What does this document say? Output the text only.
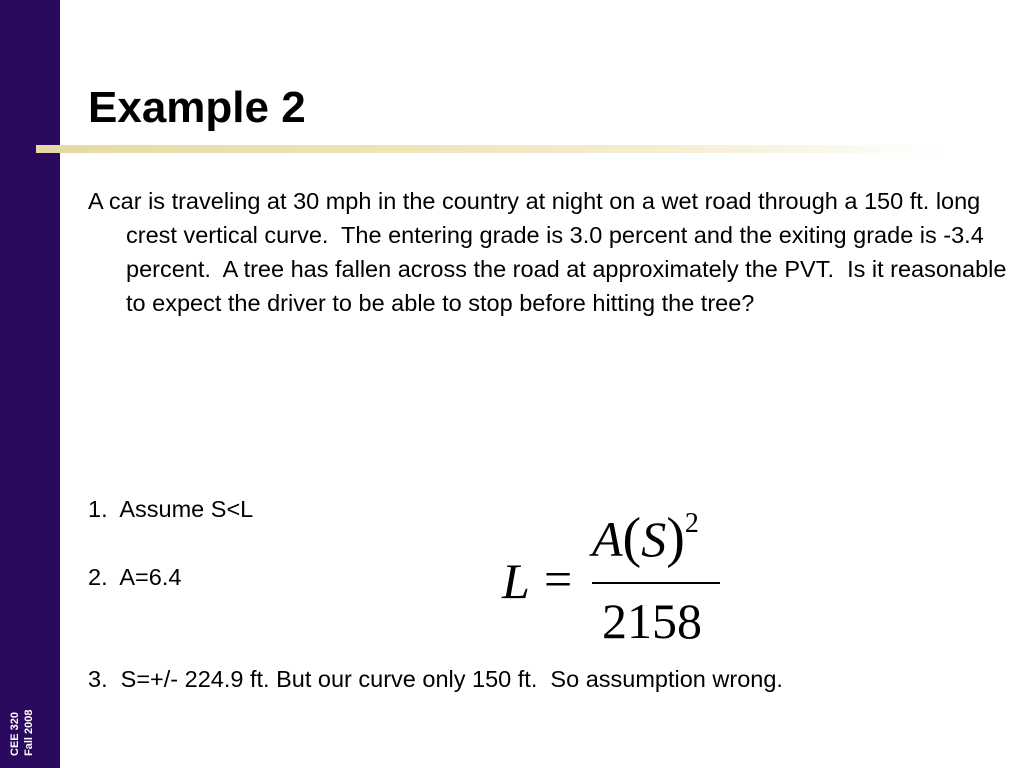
CEE 320 Fall 2008
Example 2

A car is traveling at 30 mph in the country at night on a wet road through a 150 ft. long crest vertical curve.  The entering grade is 3.0 percent and the exiting grade is -3.4 percent.  A tree has fallen across the road at approximately the PVT.  Is it reasonable to expect the driver to be able to stop before hitting the tree?

1.  Assume S<L
2.  A=6.4
3.  S=+/- 224.9 ft. But our curve only 150 ft.  So assumption wrong.
L =
$A(S)^2$
2158
